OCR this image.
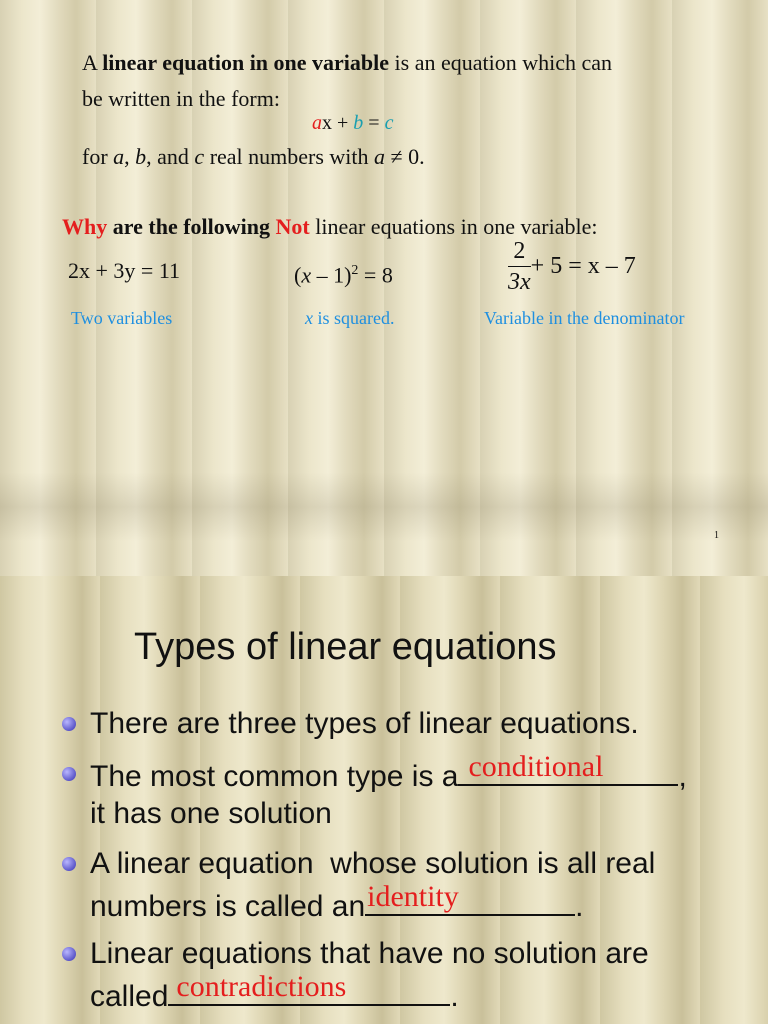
A linear equation in one variable is an equation which can
be written in the form:
ax + b = c
for a, b, and c real numbers with a ≠ 0.
Why are the following Not linear equations in one variable:
2x + 3y = 11	(x – 1)$^2$ = 8	$\frac{2}{3x} + 5 = x - 7$
Two variables	x is squared.	Variable in the denominator
1
Types of linear equations
There are three types of linear equations.
The most common type is a conditional	,
it has one solution
A linear equation  whose solution is all real
numbers is called an identity	.
Linear equations that have no solution are
called contradictions	.
